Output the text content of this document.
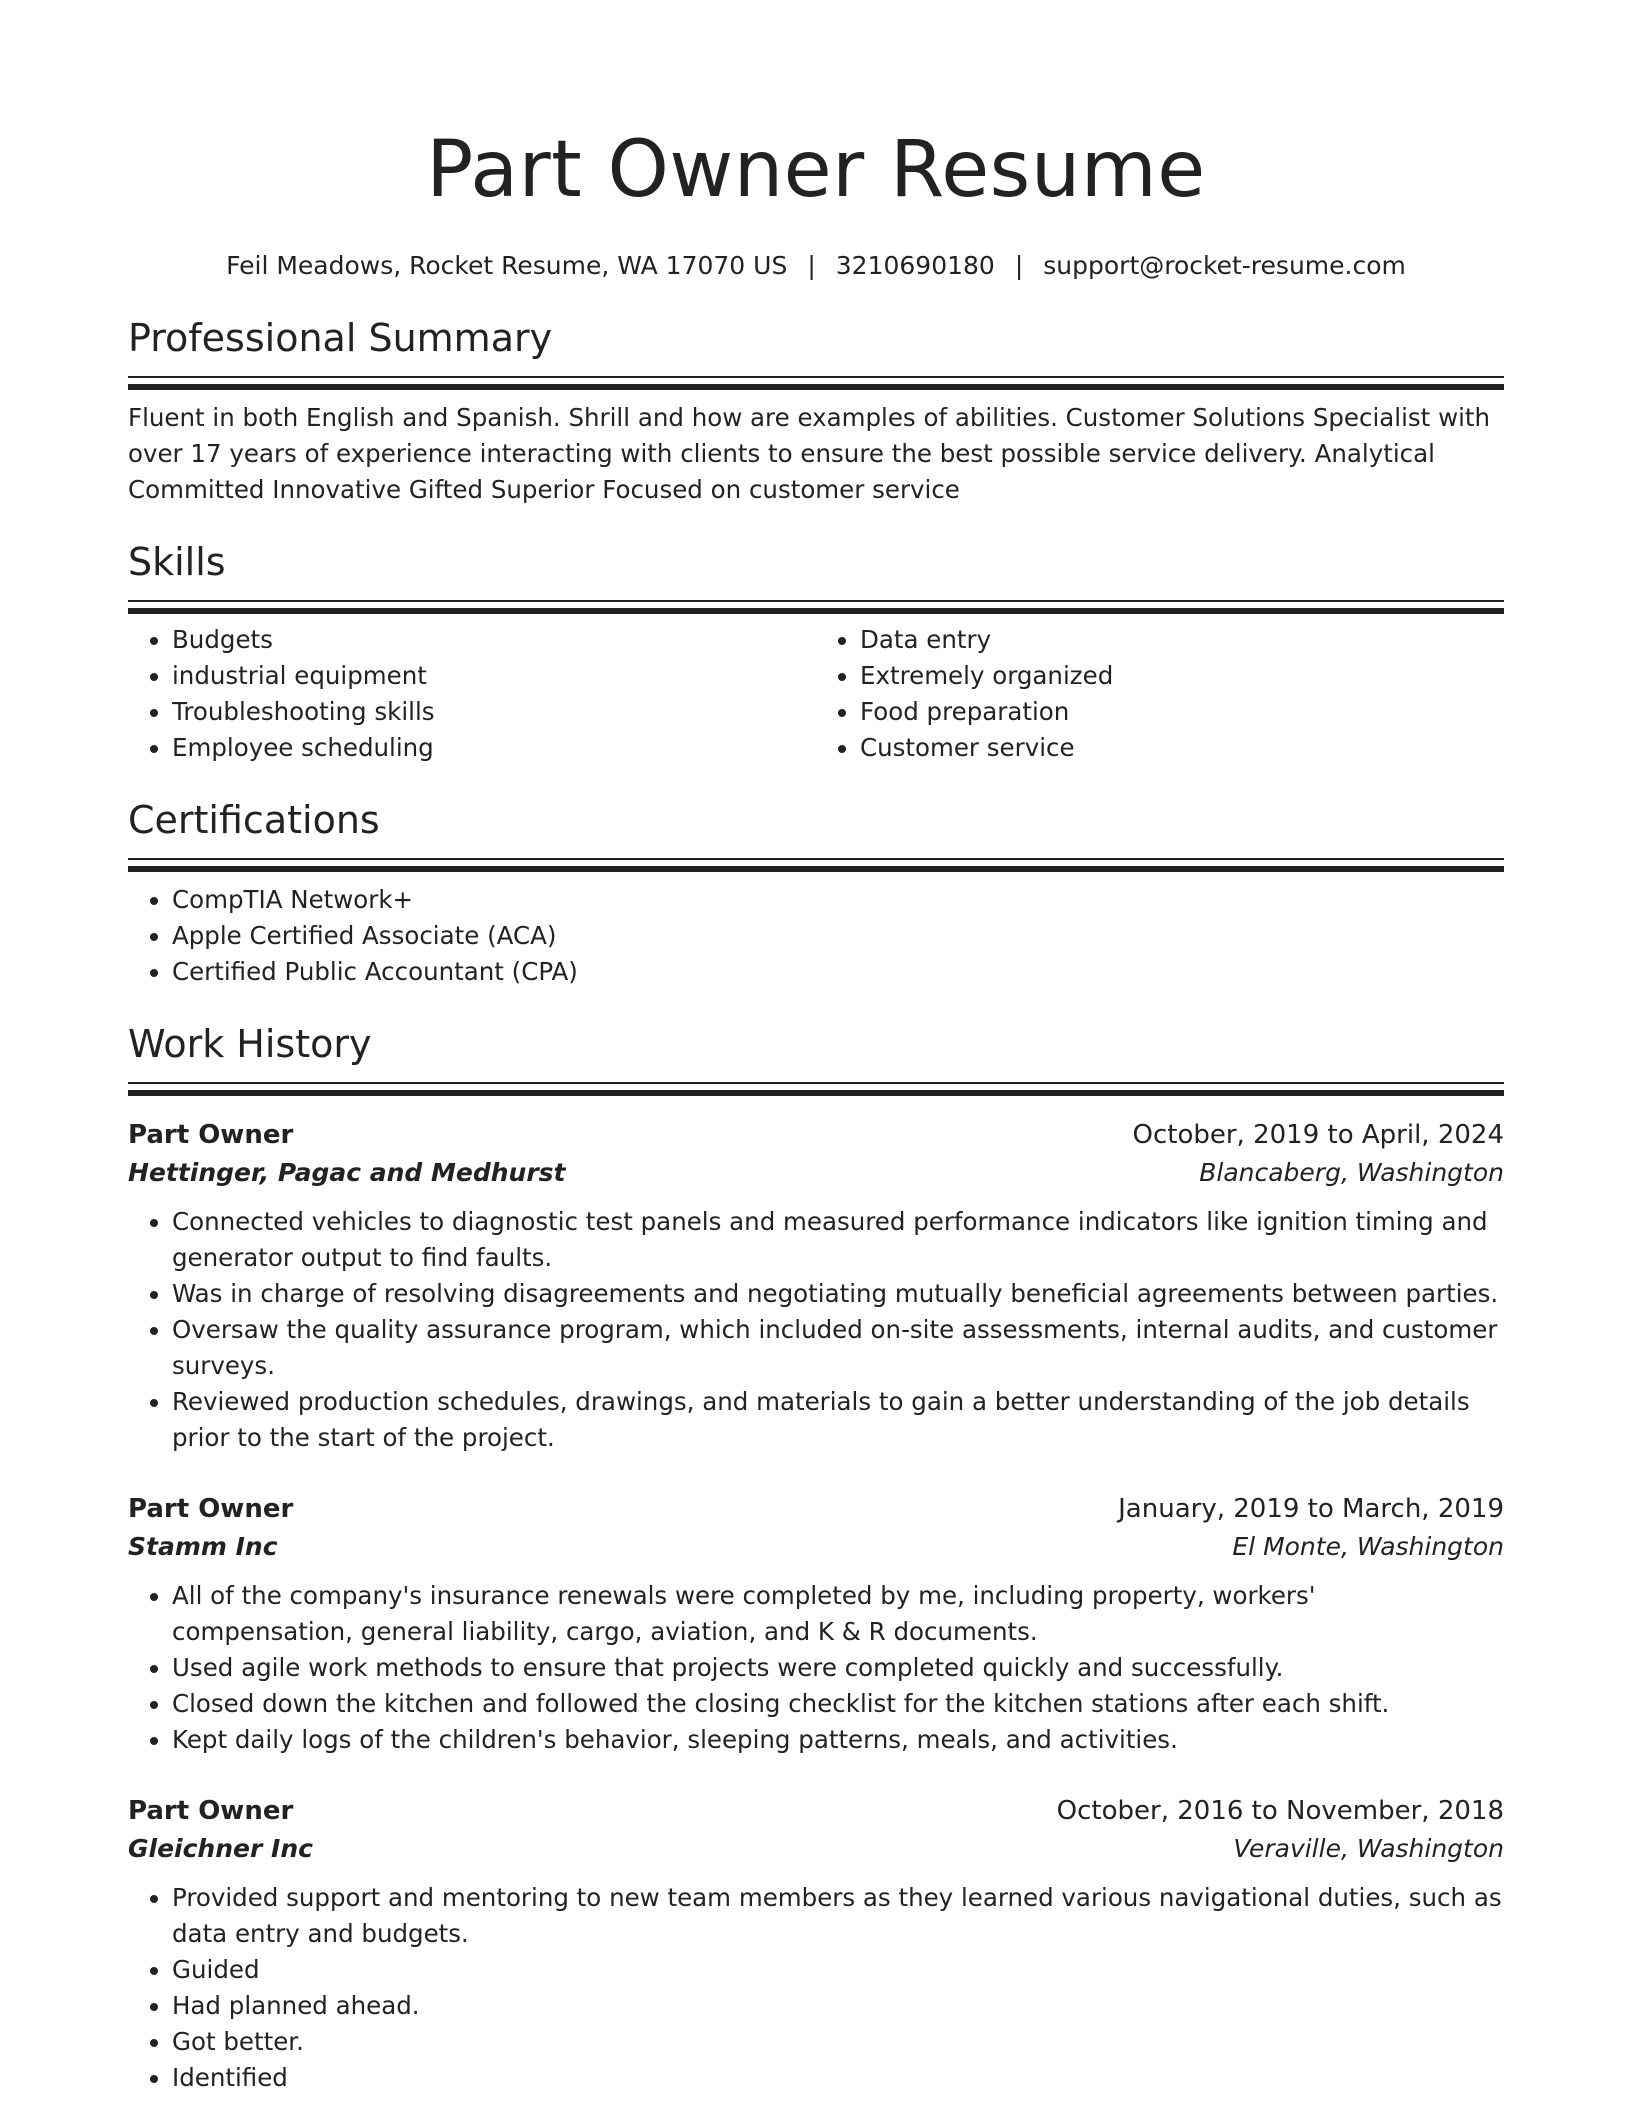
Part Owner Resume
Feil Meadows, Rocket Resume, WA 17070 US | 3210690180 | support@rocket-resume.com
Professional Summary
Fluent in both English and Spanish. Shrill and how are examples of abilities. Customer Solutions Specialist with over 17 years of experience interacting with clients to ensure the best possible service delivery. Analytical Committed Innovative Gifted Superior Focused on customer service
Skills
• Budgets
• industrial equipment
• Troubleshooting skills
• Employee scheduling
• Data entry
• Extremely organized
• Food preparation
• Customer service
Certifications
• CompTIA Network+
• Apple Certified Associate (ACA)
• Certified Public Accountant (CPA)
Work History
Part Owner	October, 2019 to April, 2024
Hettinger, Pagac and Medhurst	Blancaberg, Washington
• Connected vehicles to diagnostic test panels and measured performance indicators like ignition timing and generator output to find faults.
• Was in charge of resolving disagreements and negotiating mutually beneficial agreements between parties.
• Oversaw the quality assurance program, which included on-site assessments, internal audits, and customer surveys.
• Reviewed production schedules, drawings, and materials to gain a better understanding of the job details prior to the start of the project.
Part Owner	January, 2019 to March, 2019
Stamm Inc	El Monte, Washington
• All of the company's insurance renewals were completed by me, including property, workers' compensation, general liability, cargo, aviation, and K & R documents.
• Used agile work methods to ensure that projects were completed quickly and successfully.
• Closed down the kitchen and followed the closing checklist for the kitchen stations after each shift.
• Kept daily logs of the children's behavior, sleeping patterns, meals, and activities.
Part Owner	October, 2016 to November, 2018
Gleichner Inc	Veraville, Washington
• Provided support and mentoring to new team members as they learned various navigational duties, such as data entry and budgets.
• Guided
• Had planned ahead.
• Got better.
• Identified
